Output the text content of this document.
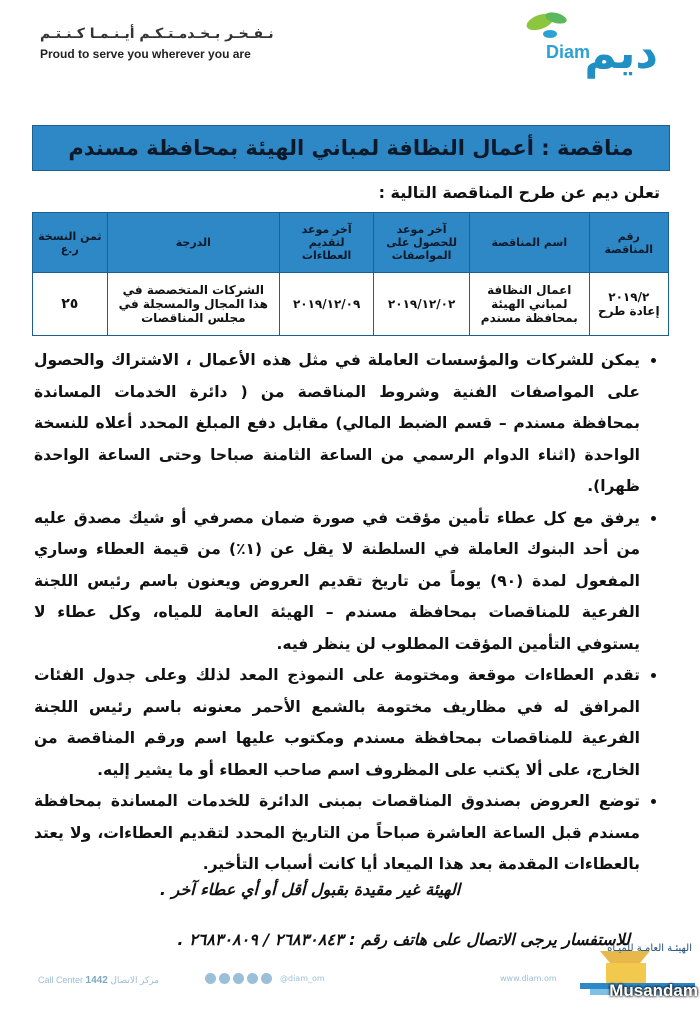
نـفـخـر بـخـدمـتـكـم أيـنـمـا كـنـتـم
Proud to serve you wherever you are	Diam
ديم
مناقصة : أعمال النظافة لمباني الهيئة بمحافظة مسندم
تعلن ديم عن طرح المناقصة التالية :
رقم المناقصة	اسم المناقصة	آخر موعد للحصول على المواصفات	آخر موعد لتقديم العطاءات	الدرجة	ثمن النسخة ر.ع
٢٠١٩/٢ إعادة طرح	اعمال النظافة لمباني الهيئة بمحافظة مسندم	٢٠١٩/١٢/٠٢	٢٠١٩/١٢/٠٩	الشركات المتخصصة في هذا المجال والمسجلة في مجلس المناقصات	٢٥
• يمكن للشركات والمؤسسات العاملة في مثل هذه الأعمال ، الاشتراك والحصول على المواصفات الفنية وشروط المناقصة من ( دائرة الخدمات المساندة بمحافظة مسندم – قسم الضبط المالي) مقابل دفع المبلغ المحدد أعلاه للنسخة الواحدة (اثناء الدوام الرسمي من الساعة الثامنة صباحا وحتى الساعة الواحدة ظهرا).
• يرفق مع كل عطاء تأمين مؤقت في صورة ضمان مصرفي أو شيك مصدق عليه من أحد البنوك العاملة في السلطنة لا يقل عن (١٪) من قيمة العطاء وساري المفعول لمدة (٩٠) يوماً من تاريخ تقديم العروض ويعنون باسم رئيس اللجنة الفرعية للمناقصات بمحافظة مسندم – الهيئة العامة للمياه، وكل عطاء لا يستوفي التأمين المؤقت المطلوب لن ينظر فيه.
• تقدم العطاءات موقعة ومختومة على النموذج المعد لذلك وعلى جدول الفئات المرافق له في مظاريف مختومة بالشمع الأحمر معنونه باسم رئيس اللجنة الفرعية للمناقصات بمحافظة مسندم ومكتوب عليها اسم ورقم المناقصة من الخارج، على ألا يكتب على المظروف اسم صاحب العطاء أو ما يشير إليه.
• توضع العروض بصندوق المناقصات بمبنى الدائرة للخدمات المساندة بمحافظة مسندم قبل الساعة العاشرة صباحاً من التاريخ المحدد لتقديم العطاءات، ولا يعتد بالعطاءات المقدمة بعد هذا الميعاد أيا كانت أسباب التأخير.
الهيئة غير مقيدة بقبول أقل أو أي عطاء آخر .
للاستفسار يرجى الاتصال على هاتف رقم : ٢٦٨٣٠٨٤٣ / ٢٦٨٣٠٨٠٩ .
Call Center 1442 مركز الاتصال	@diam_om	www.diam.om
الهيئـة العامـة للميـاه
Musandam
